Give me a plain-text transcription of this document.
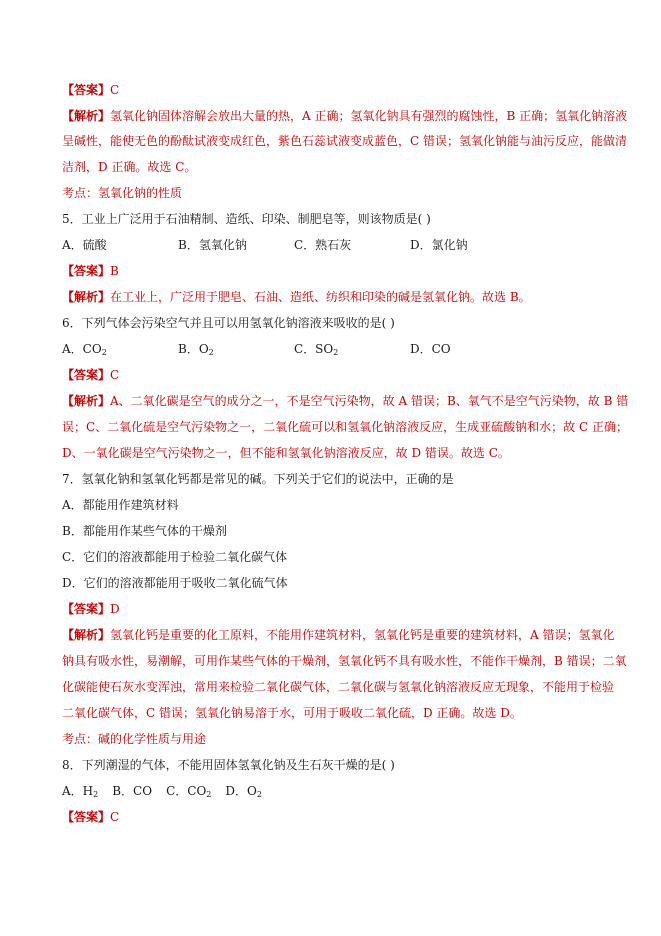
【答案】C
【解析】氢氧化钠固体溶解会放出大量的热，A 正确；氢氧化钠具有强烈的腐蚀性，B 正确；氢氧化钠溶液
呈碱性，能使无色的酚酞试液变成红色，紫色石蕊试液变成蓝色，C 错误；氢氧化钠能与油污反应，能做清
洁剂，D 正确。故选 C。
考点：氢氧化钠的性质
5．工业上广泛用于石油精制、造纸、印染、制肥皂等，则该物质是( )
A．硫酸	B．氢氧化钠	C．熟石灰	D．氯化钠
【答案】B
【解析】在工业上，广泛用于肥皂、石油、造纸、纺织和印染的碱是氢氧化钠。故选 B。
6．下列气体会污染空气并且可以用氢氧化钠溶液来吸收的是( )
A．$CO_2$	B．$O_2$	C．$SO_2$	D．CO
【答案】C
【解析】A、二氧化碳是空气的成分之一，不是空气污染物，故 A 错误；B、氧气不是空气污染物，故 B 错
误；C、二氧化硫是空气污染物之一，二氧化硫可以和氢氧化钠溶液反应，生成亚硫酸钠和水；故 C 正确；
D、一氧化碳是空气污染物之一，但不能和氢氧化钠溶液反应，故 D 错误。故选 C。
7．氢氧化钠和氢氧化钙都是常见的碱。下列关于它们的说法中，正确的是
A．都能用作建筑材料
B．都能用作某些气体的干燥剂
C．它们的溶液都能用于检验二氧化碳气体
D．它们的溶液都能用于吸收二氧化硫气体
【答案】D
【解析】氢氧化钙是重要的化工原料，不能用作建筑材料，氢氧化钙是重要的建筑材料，A 错误；氢氧化
钠具有吸水性，易潮解，可用作某些气体的干燥剂，氢氧化钙不具有吸水性，不能作干燥剂，B 错误；二氧
化碳能使石灰水变浑浊，常用来检验二氧化碳气体，二氧化碳与氢氧化钠溶液反应无现象，不能用于检验
二氧化碳气体，C 错误；氢氧化钠易溶于水，可用于吸收二氧化硫，D 正确。故选 D。
考点：碱的化学性质与用途
8．下列潮湿的气体，不能用固体氢氧化钠及生石灰干燥的是( )
A．$H_2$ B．CO C．$CO_2$ D．$O_2$
【答案】C
